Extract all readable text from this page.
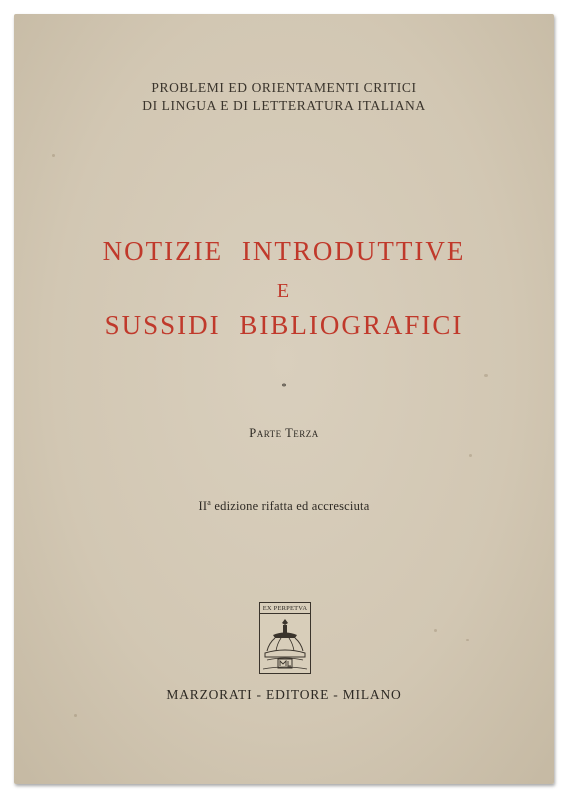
PROBLEMI ED ORIENTAMENTI CRITICI
DI LINGUA E DI LETTERATURA ITALIANA
NOTIZIE INTRODUTTIVE
E
SUSSIDI BIBLIOGRAFICI
*
Parte Terza
$II^a$ edizione rifatta ed accresciuta
EX PERPETVA
MARZORATI - EDITORE - MILANO
